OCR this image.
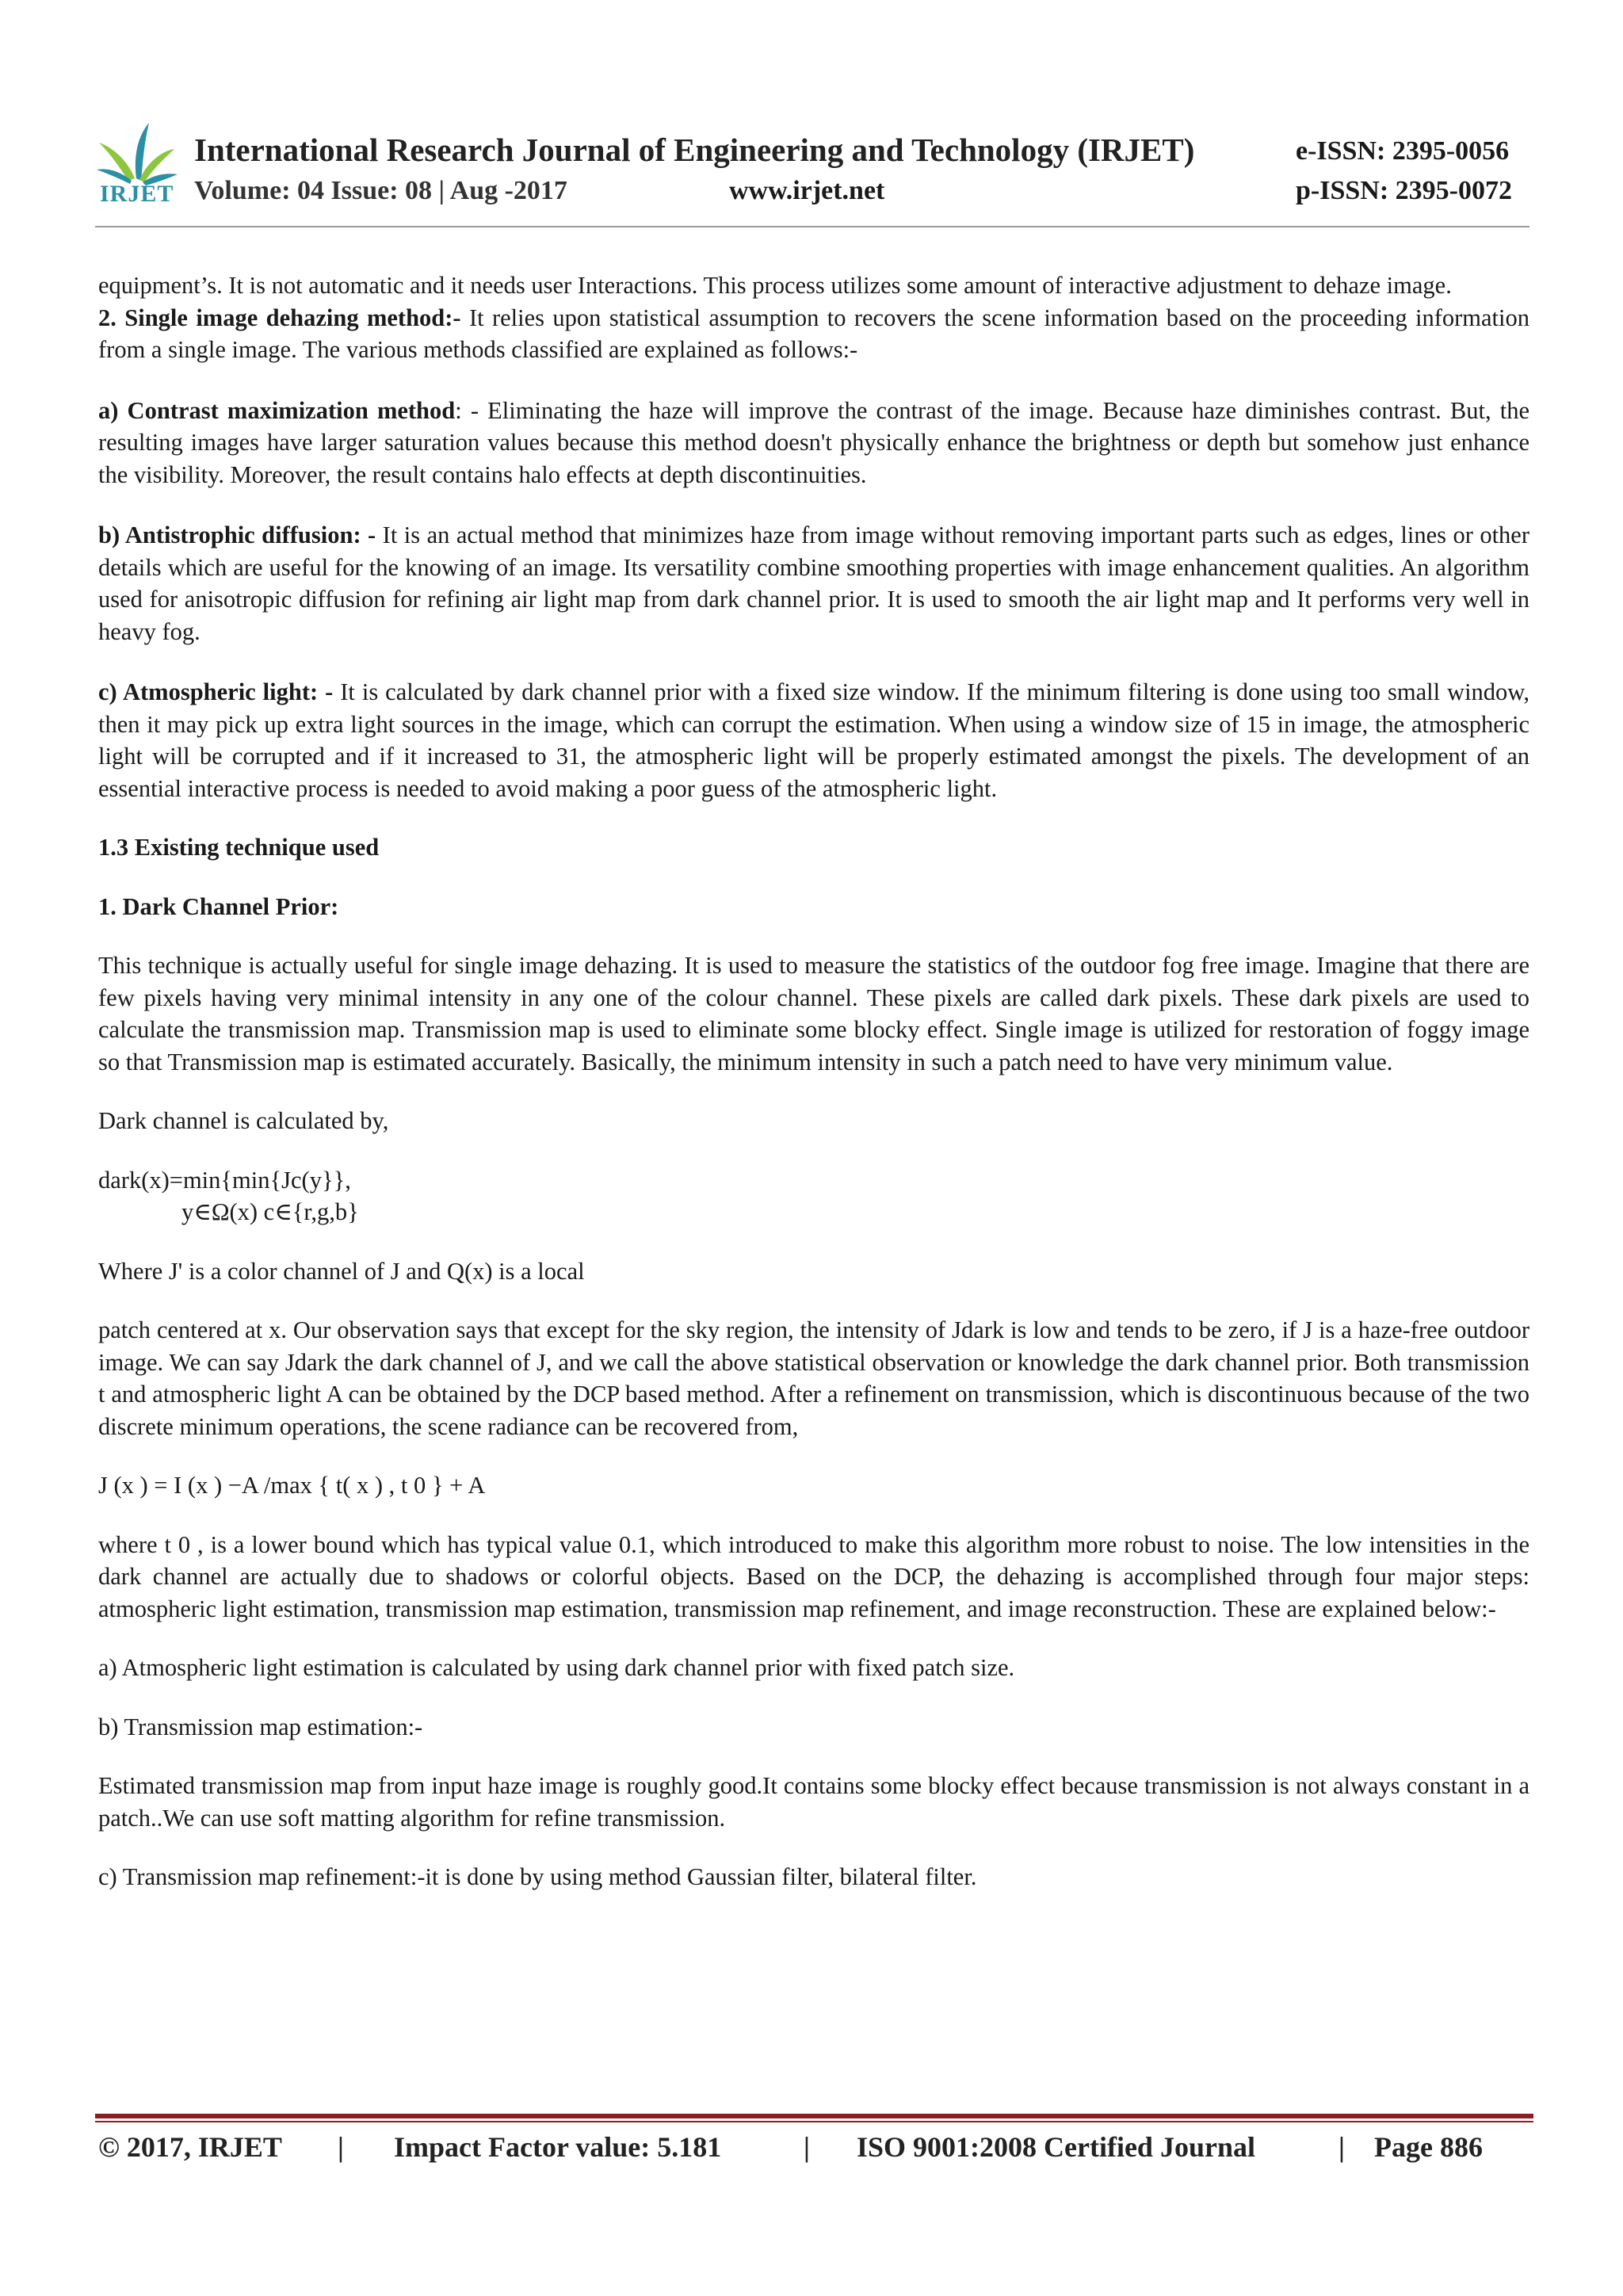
IRJET
International Research Journal of Engineering and Technology (IRJET)	e-ISSN: 2395-0056
Volume: 04 Issue: 08 | Aug -2017	www.irjet.net	p-ISSN: 2395-0072

equipment’s. It is not automatic and it needs user Interactions. This process utilizes some amount of interactive adjustment to dehaze image.

2. Single image dehazing method:- It relies upon statistical assumption to recovers the scene information based on the proceeding information from a single image. The various methods classified are explained as follows:-

a) Contrast maximization method: - Eliminating the haze will improve the contrast of the image. Because haze diminishes contrast. But, the resulting images have larger saturation values because this method doesn't physically enhance the brightness or depth but somehow just enhance the visibility. Moreover, the result contains halo effects at depth discontinuities.

b) Antistrophic diffusion: - It is an actual method that minimizes haze from image without removing important parts such as edges, lines or other details which are useful for the knowing of an image. Its versatility combine smoothing properties with image enhancement qualities. An algorithm used for anisotropic diffusion for refining air light map from dark channel prior. It is used to smooth the air light map and It performs very well in heavy fog.

c) Atmospheric light: - It is calculated by dark channel prior with a fixed size window. If the minimum filtering is done using too small window, then it may pick up extra light sources in the image, which can corrupt the estimation. When using a window size of 15 in image, the atmospheric light will be corrupted and if it increased to 31, the atmospheric light will be properly estimated amongst the pixels. The development of an essential interactive process is needed to avoid making a poor guess of the atmospheric light.

1.3 Existing technique used

1. Dark Channel Prior:

This technique is actually useful for single image dehazing. It is used to measure the statistics of the outdoor fog free image. Imagine that there are few pixels having very minimal intensity in any one of the colour channel. These pixels are called dark pixels. These dark pixels are used to calculate the transmission map. Transmission map is used to eliminate some blocky effect. Single image is utilized for restoration of foggy image so that Transmission map is estimated accurately. Basically, the minimum intensity in such a patch need to have very minimum value.

Dark channel is calculated by,

dark(x)=min{min{Jc(y}},

y∈Ω(x) c∈{r,g,b}

Where J' is a color channel of J and Q(x) is a local

patch centered at x. Our observation says that except for the sky region, the intensity of Jdark is low and tends to be zero, if J is a haze-free outdoor image. We can say Jdark the dark channel of J, and we call the above statistical observation or knowledge the dark channel prior. Both transmission t and atmospheric light A can be obtained by the DCP based method. After a refinement on transmission, which is discontinuous because of the two discrete minimum operations, the scene radiance can be recovered from,

J (x ) = I (x ) −A /max { t( x ) , t 0 } + A

where t 0 , is a lower bound which has typical value 0.1, which introduced to make this algorithm more robust to noise. The low intensities in the dark channel are actually due to shadows or colorful objects. Based on the DCP, the dehazing is accomplished through four major steps: atmospheric light estimation, transmission map estimation, transmission map refinement, and image reconstruction. These are explained below:-

a) Atmospheric light estimation is calculated by using dark channel prior with fixed patch size.

b) Transmission map estimation:-

Estimated transmission map from input haze image is roughly good.It contains some blocky effect because transmission is not always constant in a patch..We can use soft matting algorithm for refine transmission.

c) Transmission map refinement:-it is done by using method Gaussian filter, bilateral filter.

© 2017, IRJET | Impact Factor value: 5.181	| ISO 9001:2008 Certified Journal	| Page 886
